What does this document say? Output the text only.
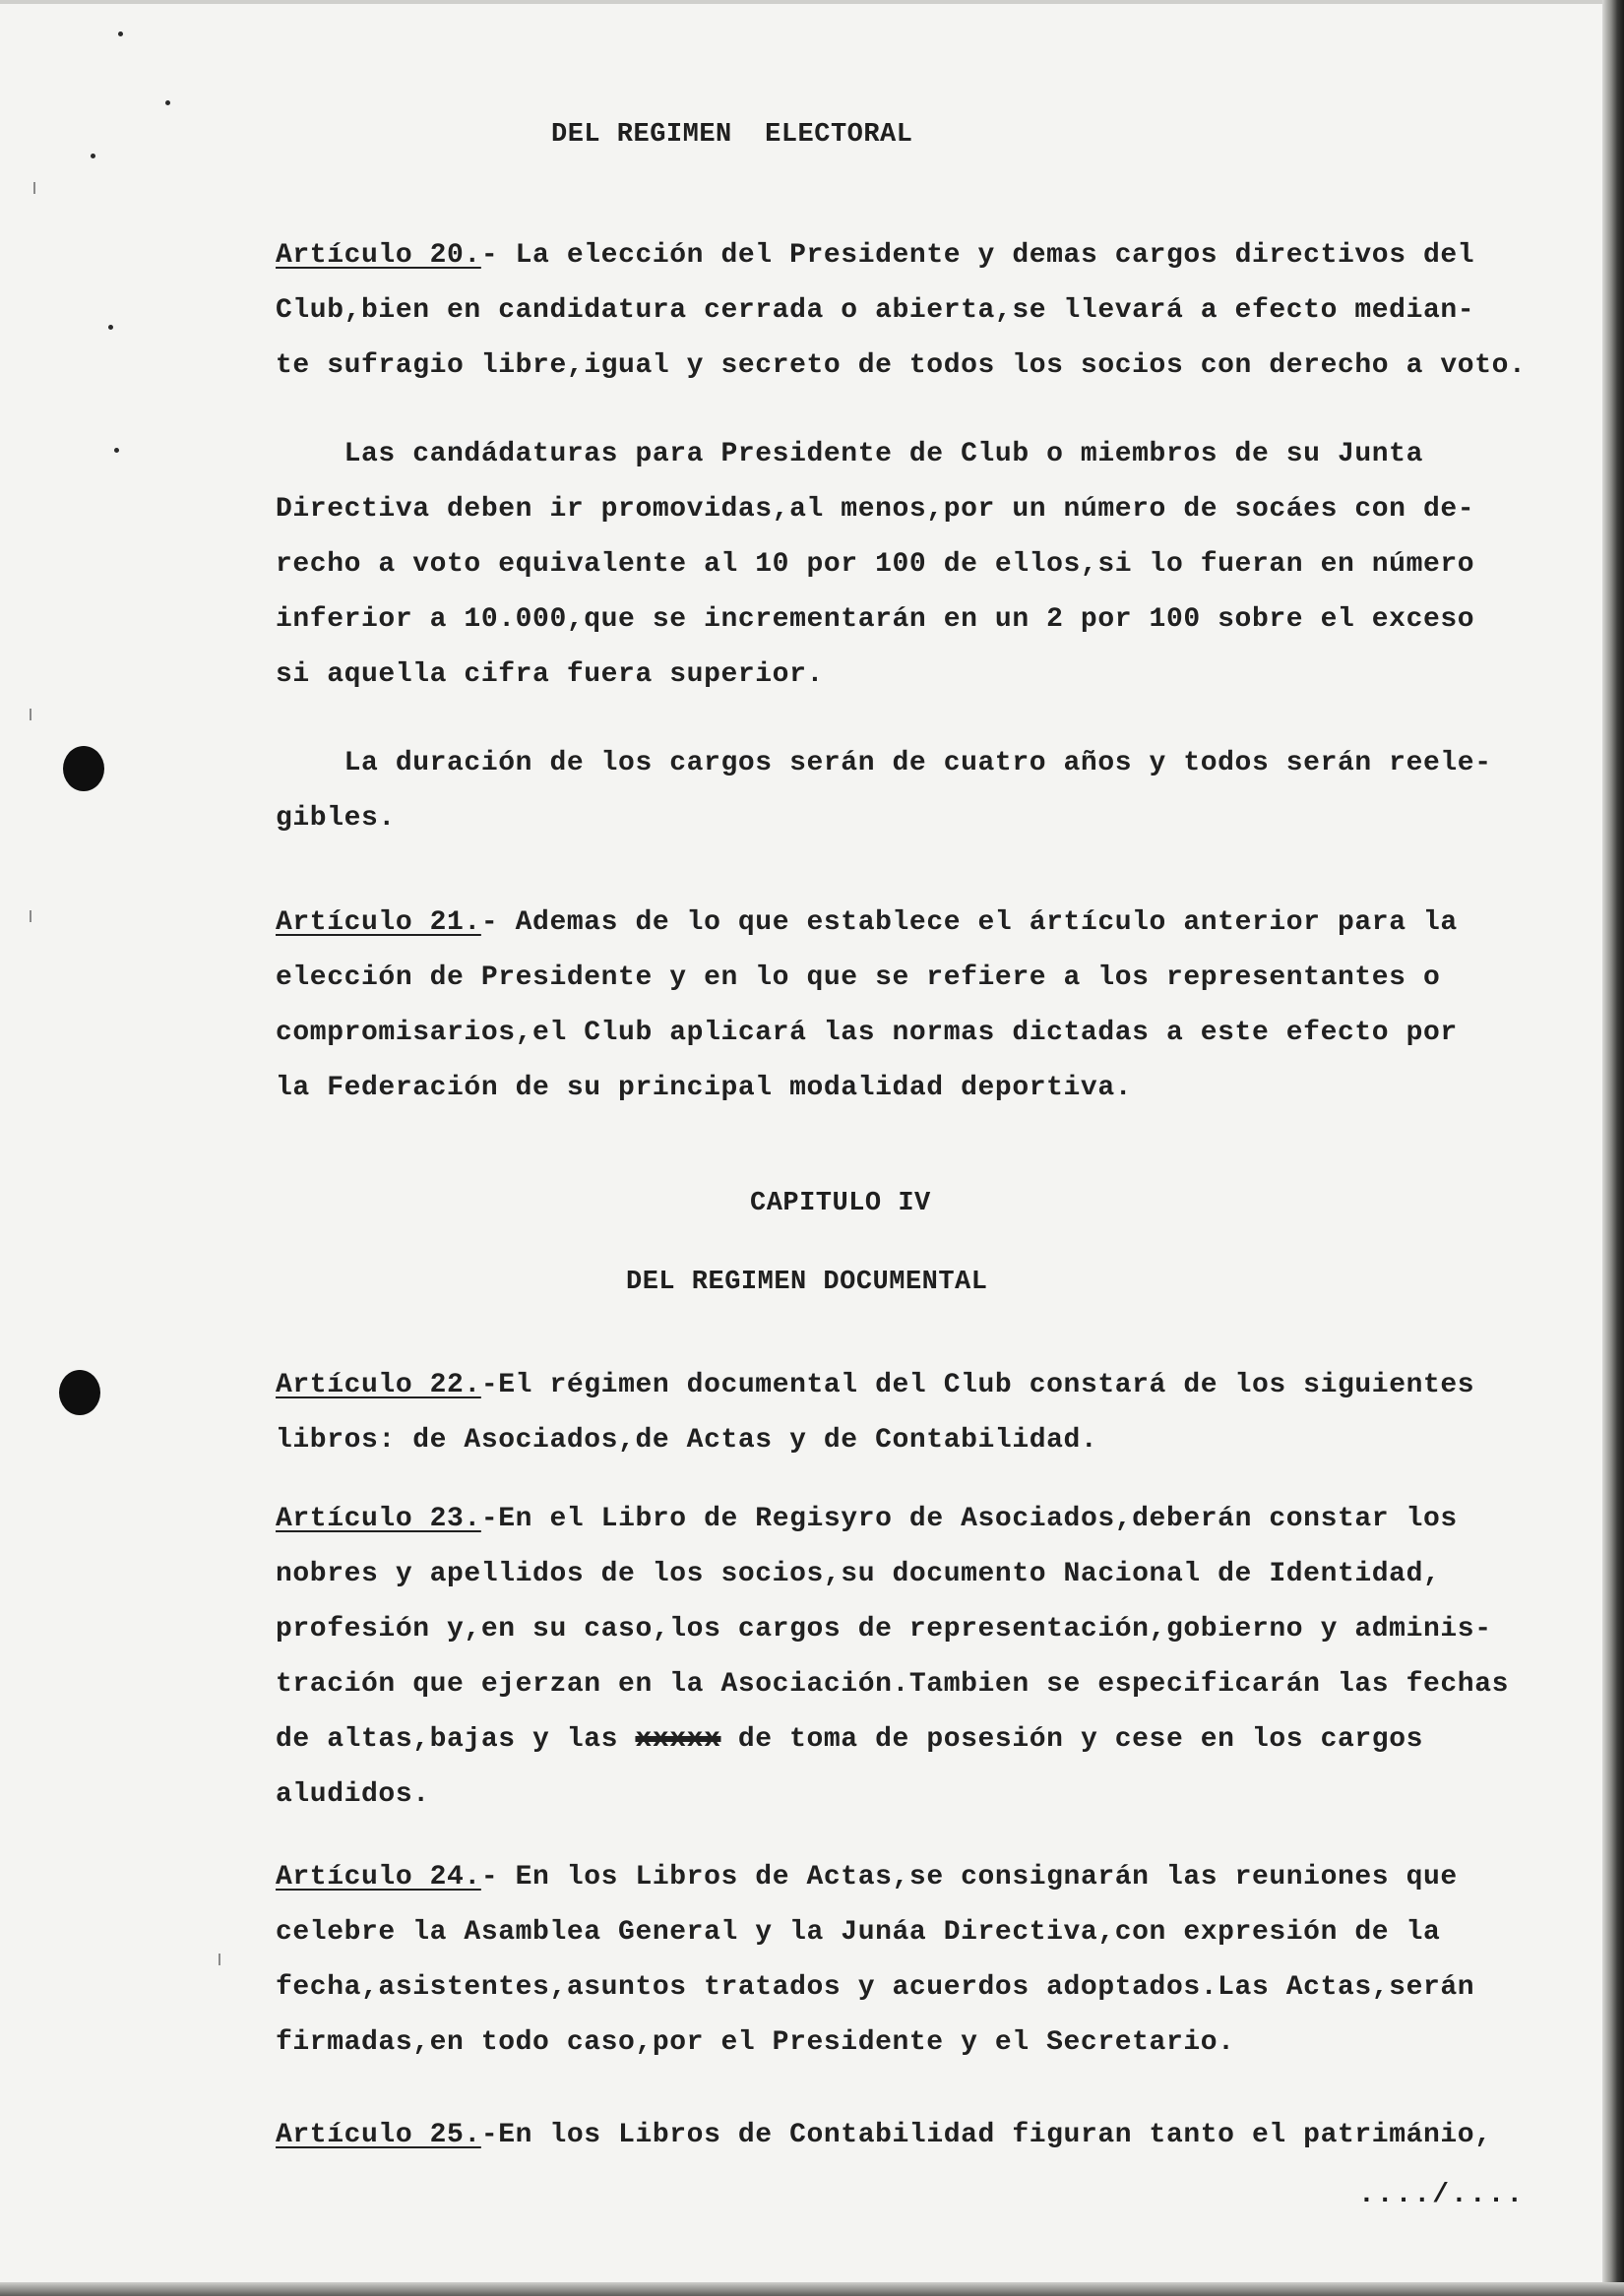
DEL REGIMEN  ELECTORAL
Artículo 20.- La elección del Presidente y demas cargos directivos del
Club,bien en candidatura cerrada o abierta,se llevará a efecto median-
te sufragio libre,igual y secreto de todos los socios con derecho a voto.
Las candádaturas para Presidente de Club o miembros de su Junta
Directiva deben ir promovidas,al menos,por un número de socáes con de-
recho a voto equivalente al 10 por 100 de ellos,si lo fueran en número
inferior a 10.000,que se incrementarán en un 2 por 100 sobre el exceso
si aquella cifra fuera superior.
La duración de los cargos serán de cuatro años y todos serán reele-
gibles.
Artículo 21.- Ademas de lo que establece el ártículo anterior para la
elección de Presidente y en lo que se refiere a los representantes o
compromisarios,el Club aplicará las normas dictadas a este efecto por
la Federación de su principal modalidad deportiva.
CAPITULO IV
DEL REGIMEN DOCUMENTAL
Artículo 22.-El régimen documental del Club constará de los siguientes
libros: de Asociados,de Actas y de Contabilidad.
Artículo 23.-En el Libro de Regisyro de Asociados,deberán constar los
nobres y apellidos de los socios,su documento Nacional de Identidad,
profesión y,en su caso,los cargos de representación,gobierno y adminis-
tración que ejerzan en la Asociación.Tambien se especificarán las fechas
de altas,bajas y las xxxxx de toma de posesión y cese en los cargos
aludidos.
Artículo 24.- En los Libros de Actas,se consignarán las reuniones que
celebre la Asamblea General y la Junáa Directiva,con expresión de la
fecha,asistentes,asuntos tratados y acuerdos adoptados.Las Actas,serán
firmadas,en todo caso,por el Presidente y el Secretario.
Artículo 25.-En los Libros de Contabilidad figuran tanto el patrimánio,
..../....
